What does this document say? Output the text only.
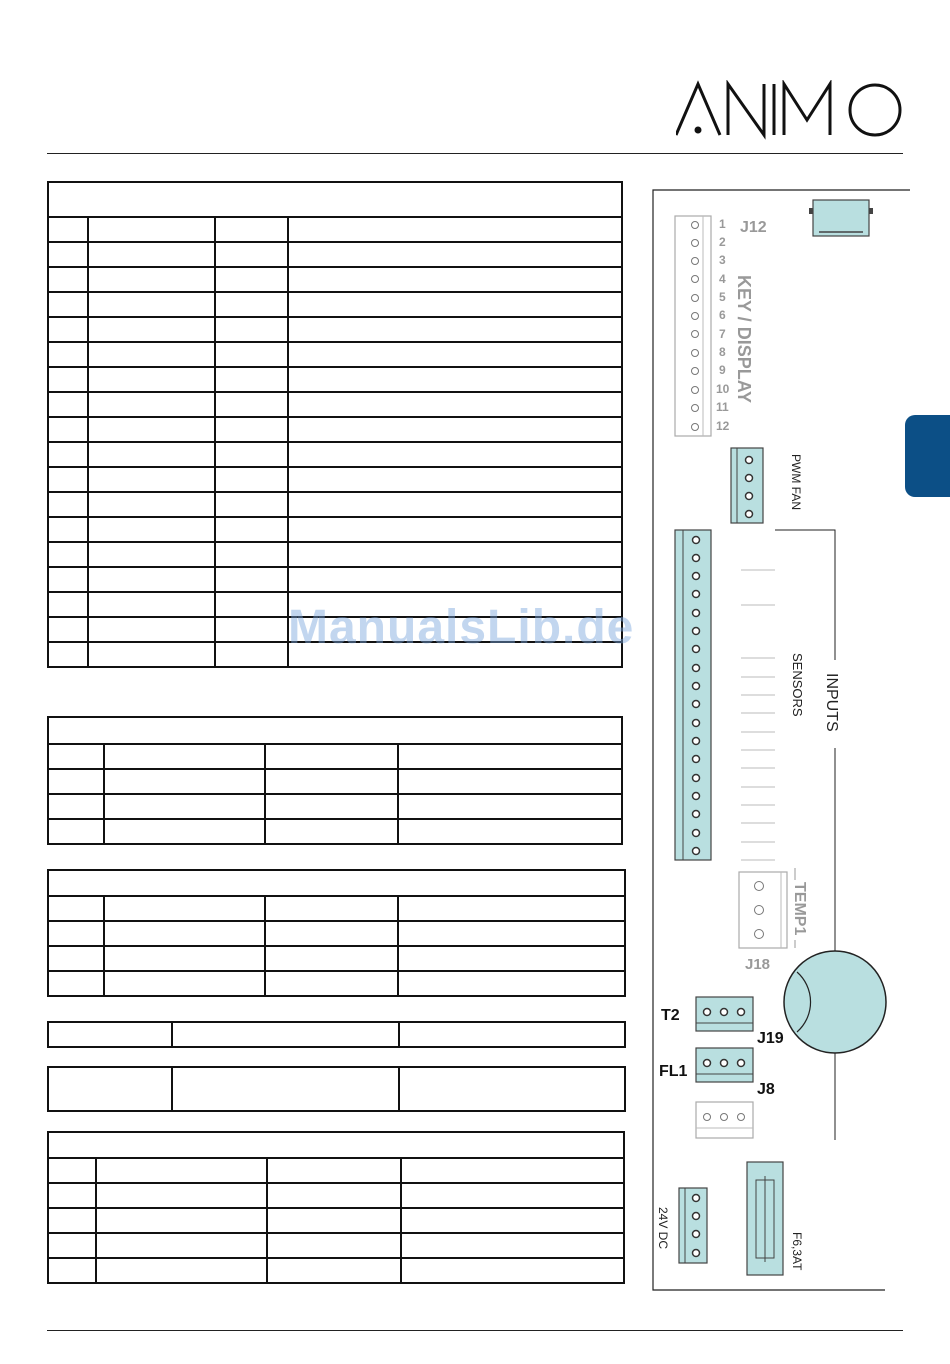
ManualsLib.de
1
2
3
4
5
6
7
8
9
10
11
12
J12
KEY / DISPLAY
PWM FAN
SENSORS INPUTS
TEMP1
J18
T2
J19
FL1
J8
24V DC
F6,3AT
